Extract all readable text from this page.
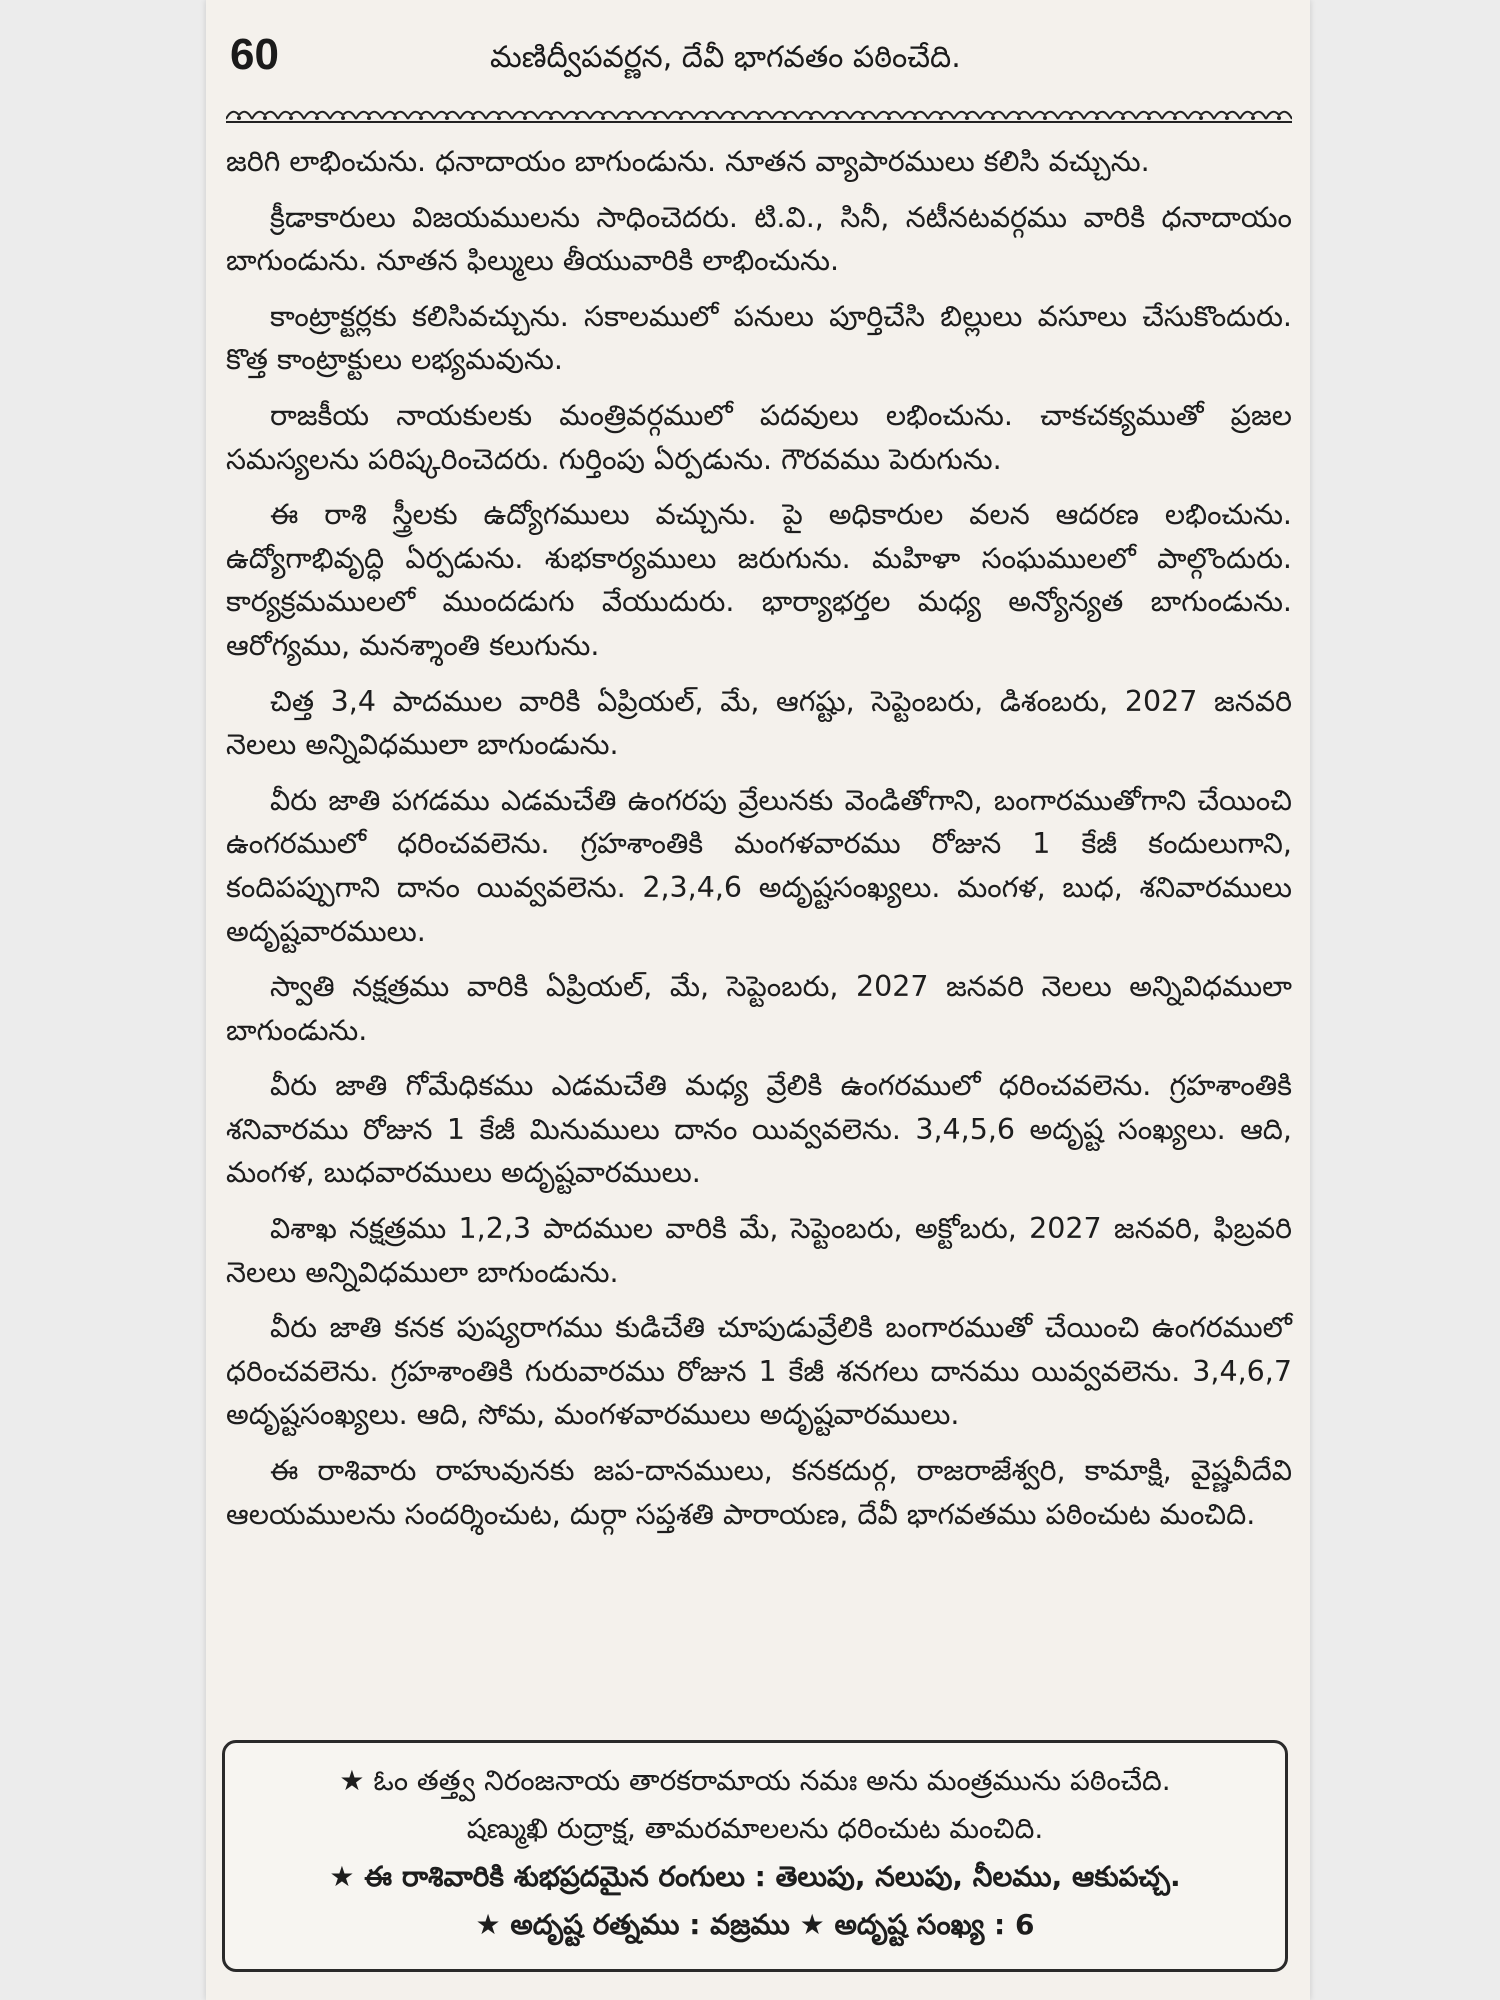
60	మణిద్వీపవర్ణన, దేవీ భాగవతం పఠించేది.

జరిగి లాభించును. ధనాదాయం బాగుండును. నూతన వ్యాపారములు కలిసి వచ్చును.

క్రీడాకారులు విజయములను సాధించెదరు. టి.వి., సినీ, నటీనటవర్గము వారికి ధనాదాయం బాగుండును. నూతన ఫిల్ములు తీయువారికి లాభించును.

కాంట్రాక్టర్లకు కలిసివచ్చును. సకాలములో పనులు పూర్తిచేసి బిల్లులు వసూలు చేసుకొందురు. కొత్త కాంట్రాక్టులు లభ్యమవును.

రాజకీయ నాయకులకు మంత్రివర్గములో పదవులు లభించును. చాకచక్యముతో ప్రజల సమస్యలను పరిష్కరించెదరు. గుర్తింపు ఏర్పడును. గౌరవము పెరుగును.

ఈ రాశి స్త్రీలకు ఉద్యోగములు వచ్చును. పై అధికారుల వలన ఆదరణ లభించును. ఉద్యోగాభివృద్ధి ఏర్పడును. శుభకార్యములు జరుగును. మహిళా సంఘములలో పాల్గొందురు. కార్యక్రమములలో ముందడుగు వేయుదురు. భార్యాభర్తల మధ్య అన్యోన్యత బాగుండును. ఆరోగ్యము, మనశ్శాంతి కలుగును.

చిత్త 3,4 పాదముల వారికి ఏప్రియల్, మే, ఆగష్టు, సెప్టెంబరు, డిశంబరు, 2027 జనవరి నెలలు అన్నివిధములా బాగుండును.

వీరు జాతి పగడము ఎడమచేతి ఉంగరపు వ్రేలునకు వెండితోగాని, బంగారముతోగాని చేయించి ఉంగరములో ధరించవలెను. గ్రహశాంతికి మంగళవారము రోజున 1 కేజీ కందులుగాని, కందిపప్పుగాని దానం యివ్వవలెను. 2,3,4,6 అదృష్టసంఖ్యలు. మంగళ, బుధ, శనివారములు అదృష్టవారములు.

స్వాతి నక్షత్రము వారికి ఏప్రియల్, మే, సెప్టెంబరు, 2027 జనవరి నెలలు అన్నివిధములా బాగుండును.

వీరు జాతి గోమేధికము ఎడమచేతి మధ్య వ్రేలికి ఉంగరములో ధరించవలెను. గ్రహశాంతికి శనివారము రోజున 1 కేజీ మినుములు దానం యివ్వవలెను. 3,4,5,6 అదృష్ట సంఖ్యలు. ఆది, మంగళ, బుధవారములు అదృష్టవారములు.

విశాఖ నక్షత్రము 1,2,3 పాదముల వారికి మే, సెప్టెంబరు, అక్టోబరు, 2027 జనవరి, ఫిబ్రవరి నెలలు అన్నివిధములా బాగుండును.

వీరు జాతి కనక పుష్యరాగము కుడిచేతి చూపుడువ్రేలికి బంగారముతో చేయించి ఉంగరములో ధరించవలెను. గ్రహశాంతికి గురువారము రోజున 1 కేజీ శనగలు దానము యివ్వవలెను. 3,4,6,7 అదృష్టసంఖ్యలు. ఆది, సోమ, మంగళవారములు అదృష్టవారములు.

ఈ రాశివారు రాహువునకు జప-దానములు, కనకదుర్గ, రాజరాజేశ్వరి, కామాక్షి, వైష్ణవీదేవి ఆలయములను సందర్శించుట, దుర్గా సప్తశతి పారాయణ, దేవీ భాగవతము పఠించుట మంచిది.

★ ఓం తత్త్వ నిరంజనాయ తారకరామాయ నమః అను మంత్రమును పఠించేది.
షణ్ముఖి రుద్రాక్ష, తామరమాలలను ధరించుట మంచిది.
★ ఈ రాశివారికి శుభప్రదమైన రంగులు : తెలుపు, నలుపు, నీలము, ఆకుపచ్చ.
★ అదృష్ట రత్నము : వజ్రము ★ అదృష్ట సంఖ్య : 6
